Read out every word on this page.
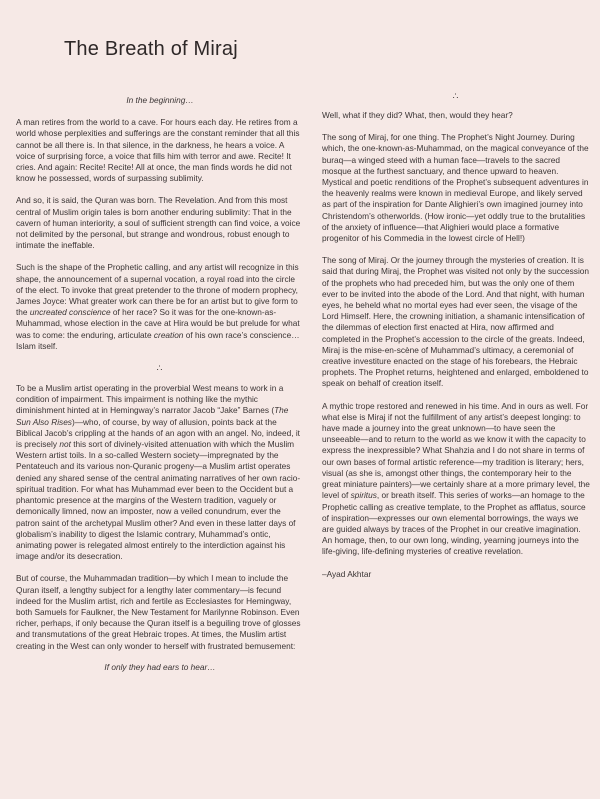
The Breath of Miraj

In the beginning…

A man retires from the world to a cave. For hours each day. He retires from a world whose perplexities and sufferings are the constant reminder that all this cannot be all there is. In that silence, in the darkness, he hears a voice. A voice of surprising force, a voice that fills him with terror and awe. Recite! It cries. And again: Recite! Recite! All at once, the man finds words he did not know he possessed, words of surpassing sublimity.

And so, it is said, the Quran was born. The Revelation. And from this most central of Muslim origin tales is born another enduring sublimity: That in the cavern of human interiority, a soul of sufficient strength can find voice, a voice not delimited by the personal, but strange and wondrous, robust enough to intimate the ineffable.

Such is the shape of the Prophetic calling, and any artist will recognize in this shape, the announcement of a supernal vocation, a royal road into the circle of the elect. To invoke that great pretender to the throne of modern prophecy, James Joyce: What greater work can there be for an artist but to give form to the uncreated conscience of her race? So it was for the one-known-as-Muhammad, whose election in the cave at Hira would be but prelude for what was to come: the enduring, articulate creation of his own race’s conscience…Islam itself.

∴

To be a Muslim artist operating in the proverbial West means to work in a condition of impairment. This impairment is nothing like the mythic diminishment hinted at in Hemingway’s narrator Jacob “Jake” Barnes (The Sun Also Rises)—who, of course, by way of allusion, points back at the Biblical Jacob’s crippling at the hands of an agon with an angel. No, indeed, it is precisely not this sort of divinely-visited attenuation with which the Muslim Western artist toils. In a so-called Western society—impregnated by the Pentateuch and its various non-Quranic progeny—a Muslim artist operates denied any shared sense of the central animating narratives of her own racio-spiritual tradition. For what has Muhammad ever been to the Occident but a phantomic presence at the margins of the Western tradition, vaguely or demonically limned, now an imposter, now a veiled conundrum, ever the patron saint of the archetypal Muslim other? And even in these latter days of globalism’s inability to digest the Islamic contrary, Muhammad’s ontic, animating power is relegated almost entirely to the interdiction against his image and/or its desecration.

But of course, the Muhammadan tradition—by which I mean to include the Quran itself, a lengthy subject for a lengthy later commentary—is fecund indeed for the Muslim artist, rich and fertile as Ecclesiastes for Hemingway, both Samuels for Faulkner, the New Testament for Marilynne Robinson. Even richer, perhaps, if only because the Quran itself is a beguiling trove of glosses and transmutations of the great Hebraic tropes. At times, the Muslim artist creating in the West can only wonder to herself with frustrated bemusement:

If only they had ears to hear…

∴

Well, what if they did? What, then, would they hear?

The song of Miraj, for one thing. The Prophet’s Night Journey. During which, the one-known-as-Muhammad, on the magical conveyance of the buraq—a winged steed with a human face—travels to the sacred mosque at the furthest sanctuary, and thence upward to heaven. Mystical and poetic renditions of the Prophet’s subsequent adventures in the heavenly realms were known in medieval Europe, and likely served as part of the inspiration for Dante Alighieri’s own imagined journey into Christendom’s otherworlds. (How ironic—yet oddly true to the brutalities of the anxiety of influence—that Alighieri would place a formative progenitor of his Commedia in the lowest circle of Hell!)

The song of Miraj. Or the journey through the mysteries of creation. It is said that during Miraj, the Prophet was visited not only by the succession of the prophets who had preceded him, but was the only one of them ever to be invited into the abode of the Lord. And that night, with human eyes, he beheld what no mortal eyes had ever seen, the visage of the Lord Himself. Here, the crowning initiation, a shamanic intensification of the dilemmas of election first enacted at Hira, now affirmed and completed in the Prophet’s accession to the circle of the greats. Indeed, Miraj is the mise-en-scène of Muhammad’s ultimacy, a ceremonial of creative investiture enacted on the stage of his forebears, the Hebraic prophets. The Prophet returns, heightened and enlarged, emboldened to speak on behalf of creation itself.

A mythic trope restored and renewed in his time. And in ours as well. For what else is Miraj if not the fulfillment of any artist’s deepest longing: to have made a journey into the great unknown—to have seen the unseeable—and to return to the world as we know it with the capacity to express the inexpressible? What Shahzia and I do not share in terms of our own bases of formal artistic reference—my tradition is literary; hers, visual (as she is, amongst other things, the contemporary heir to the great miniature painters)—we certainly share at a more primary level, the level of spiritus, or breath itself. This series of works—an homage to the Prophetic calling as creative template, to the Prophet as afflatus, source of inspiration—expresses our own elemental borrowings, the ways we are guided always by traces of the Prophet in our creative imagination. An homage, then, to our own long, winding, yearning journeys into the life-giving, life-defining mysteries of creative revelation.

–Ayad Akhtar
